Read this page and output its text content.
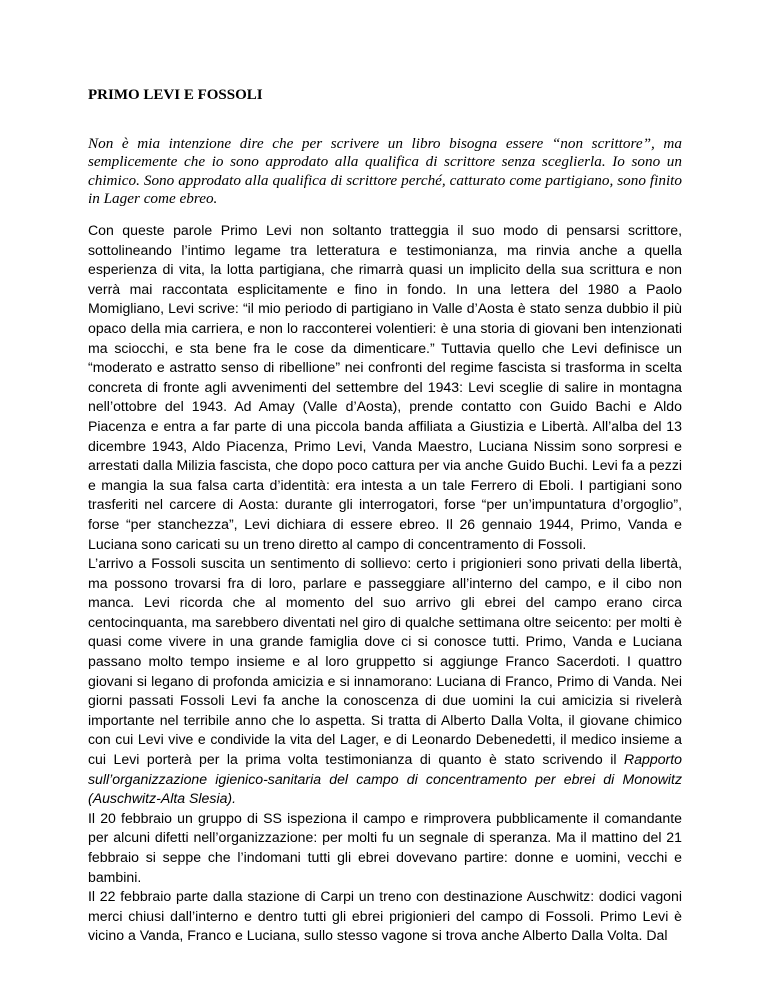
PRIMO LEVI E FOSSOLI

Non è mia intenzione dire che per scrivere un libro bisogna essere “non scrittore”, ma semplicemente che io sono approdato alla qualifica di scrittore senza sceglierla. Io sono un chimico. Sono approdato alla qualifica di scrittore perché, catturato come partigiano, sono finito in Lager come ebreo.

Con queste parole Primo Levi non soltanto tratteggia il suo modo di pensarsi scrittore, sottolineando l’intimo legame tra letteratura e testimonianza, ma rinvia anche a quella esperienza di vita, la lotta partigiana, che rimarrà quasi un implicito della sua scrittura e non verrà mai raccontata esplicitamente e fino in fondo. In una lettera del 1980 a Paolo Momigliano, Levi scrive: “il mio periodo di partigiano in Valle d’Aosta è stato senza dubbio il più opaco della mia carriera, e non lo racconterei volentieri: è una storia di giovani ben intenzionati ma sciocchi, e sta bene fra le cose da dimenticare.” Tuttavia quello che Levi definisce un “moderato e astratto senso di ribellione” nei confronti del regime fascista si trasforma in scelta concreta di fronte agli avvenimenti del settembre del 1943: Levi sceglie di salire in montagna nell’ottobre del 1943. Ad Amay (Valle d’Aosta), prende contatto con Guido Bachi e Aldo Piacenza e entra a far parte di una piccola banda affiliata a Giustizia e Libertà. All’alba del 13 dicembre 1943, Aldo Piacenza, Primo Levi, Vanda Maestro, Luciana Nissim sono sorpresi e arrestati dalla Milizia fascista, che dopo poco cattura per via anche Guido Buchi. Levi fa a pezzi e mangia la sua falsa carta d’identità: era intesta a un tale Ferrero di Eboli. I partigiani sono trasferiti nel carcere di Aosta: durante gli interrogatori, forse “per un’impuntatura d’orgoglio”, forse “per stanchezza”, Levi dichiara di essere ebreo. Il 26 gennaio 1944, Primo, Vanda e Luciana sono caricati su un treno diretto al campo di concentramento di Fossoli.

L’arrivo a Fossoli suscita un sentimento di sollievo: certo i prigionieri sono privati della libertà, ma possono trovarsi fra di loro, parlare e passeggiare all’interno del campo, e il cibo non manca. Levi ricorda che al momento del suo arrivo gli ebrei del campo erano circa centocinquanta, ma sarebbero diventati nel giro di qualche settimana oltre seicento: per molti è quasi come vivere in una grande famiglia dove ci si conosce tutti. Primo, Vanda e Luciana passano molto tempo insieme e al loro gruppetto si aggiunge Franco Sacerdoti. I quattro giovani si legano di profonda amicizia e si innamorano: Luciana di Franco, Primo di Vanda. Nei giorni passati Fossoli Levi fa anche la conoscenza di due uomini la cui amicizia si rivelerà importante nel terribile anno che lo aspetta. Si tratta di Alberto Dalla Volta, il giovane chimico con cui Levi vive e condivide la vita del Lager, e di Leonardo Debenedetti, il medico insieme a cui Levi porterà per la prima volta testimonianza di quanto è stato scrivendo il Rapporto sull’organizzazione igienico-sanitaria del campo di concentramento per ebrei di Monowitz (Auschwitz-Alta Slesia).

Il 20 febbraio un gruppo di SS ispeziona il campo e rimprovera pubblicamente il comandante per alcuni difetti nell’organizzazione: per molti fu un segnale di speranza. Ma il mattino del 21 febbraio si seppe che l’indomani tutti gli ebrei dovevano partire: donne e uomini, vecchi e bambini.

Il 22 febbraio parte dalla stazione di Carpi un treno con destinazione Auschwitz: dodici vagoni merci chiusi dall’interno e dentro tutti gli ebrei prigionieri del campo di Fossoli. Primo Levi è vicino a Vanda, Franco e Luciana, sullo stesso vagone si trova anche Alberto Dalla Volta. Dal
